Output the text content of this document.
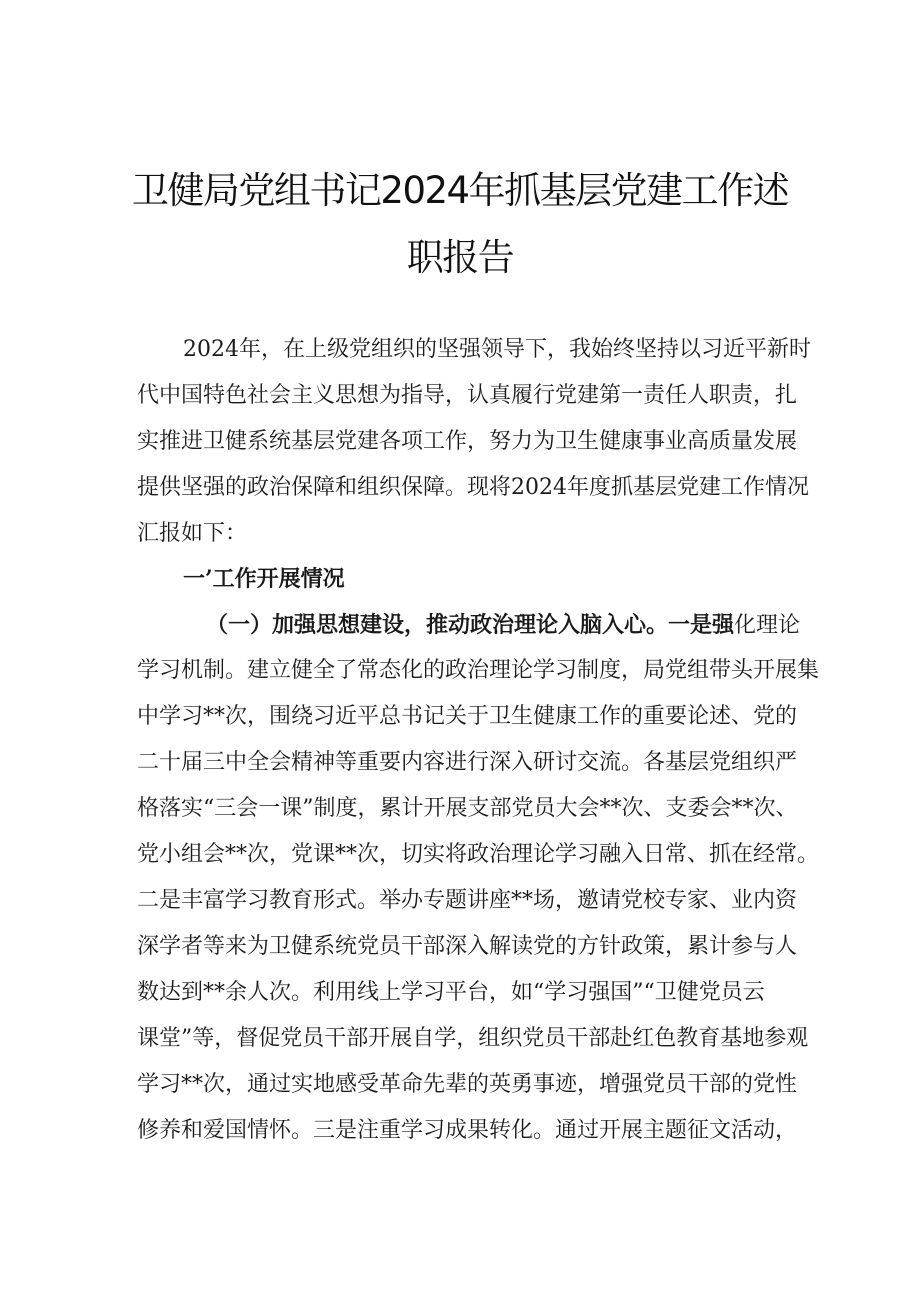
卫健局党组书记2024年抓基层党建工作述
职报告
2024年，在上级党组织的坚强领导下，我始终坚持以习近平新时
代中国特色社会主义思想为指导，认真履行党建第一责任人职责，扎
实推进卫健系统基层党建各项工作，努力为卫生健康事业高质量发展
提供坚强的政治保障和组织保障。现将2024年度抓基层党建工作情况
汇报如下：
一’工作开展情况
（一）加强思想建设，推动政治理论入脑入心。一是强化理论
学习机制。建立健全了常态化的政治理论学习制度，局党组带头开展集
中学习**次，围绕习近平总书记关于卫生健康工作的重要论述、党的
二十届三中全会精神等重要内容进行深入研讨交流。各基层党组织严
格落实“三会一课”制度，累计开展支部党员大会**次、支委会**次、
党小组会**次，党课**次，切实将政治理论学习融入日常、抓在经常。
二是丰富学习教育形式。举办专题讲座**场，邀请党校专家、业内资
深学者等来为卫健系统党员干部深入解读党的方针政策，累计参与人
数达到**余人次。利用线上学习平台，如“学习强国”“卫健党员云
课堂”等，督促党员干部开展自学，组织党员干部赴红色教育基地参观
学习**次，通过实地感受革命先辈的英勇事迹，增强党员干部的党性
修养和爱国情怀。三是注重学习成果转化。通过开展主题征文活动，
